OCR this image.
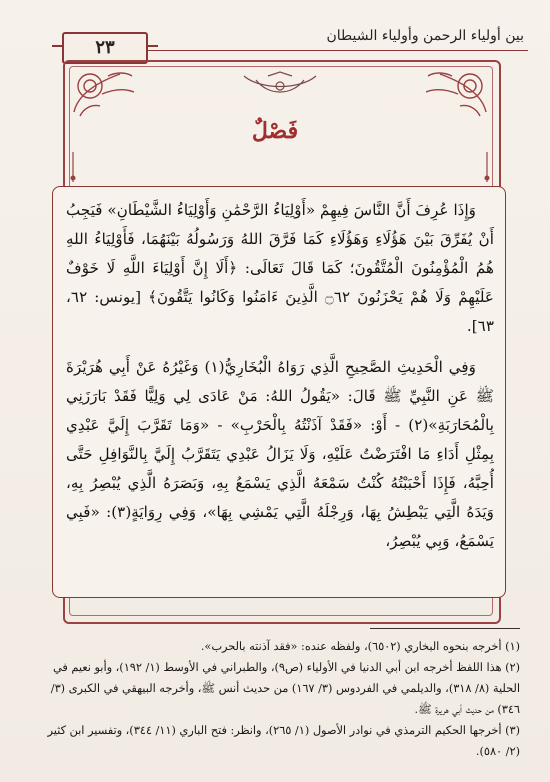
بين أولياء الرحمن وأولياء الشيطان
٢٣
فَصْلٌ

وَإِذَا عُرِفَ أَنَّ النَّاسَ فِيهِمْ «أَوْلِيَاءُ الرَّحْمَٰنِ وَأَوْلِيَاءُ الشَّيْطَانِ» فَيَجِبُ أَنْ يُفَرِّقَ بَيْنَ هَؤُلَاءِ وَهَؤُلَاءِ كَمَا فَرَّقَ اللهُ وَرَسُولُهُ بَيْنَهُمَا، فَأَوْلِيَاءُ اللهِ هُمُ الْمُؤْمِنُونَ الْمُتَّقُونَ؛ كَمَا قَالَ تَعَالَى: ﴿أَلَا إِنَّ أَوْلِيَاءَ اللَّهِ لَا خَوْفٌ عَلَيْهِمْ وَلَا هُمْ يَحْزَنُونَ ۝٦٢ الَّذِينَ ءَامَنُوا وَكَانُوا يَتَّقُونَ﴾ [يونس: ٦٢، ٦٣].

وَفِي الْحَدِيثِ الصَّحِيحِ الَّذِي رَوَاهُ الْبُخَارِيُّ(١) وَغَيْرُهُ عَنْ أَبِي هُرَيْرَةَ ﷺ عَنِ النَّبِيِّ ﷺ قَالَ: «يَقُولُ اللهُ: مَنْ عَادَى لِي وَلِيًّا فَقَدْ بَارَزَنِي بِالْمُحَارَبَةِ»(٢) - أَوْ: «فَقَدْ آذَنْتُهُ بِالْحَرْبِ» - «وَمَا تَقَرَّبَ إِلَيَّ عَبْدِي بِمِثْلِ أَدَاءِ مَا افْتَرَضْتُ عَلَيْهِ، وَلَا يَزَالُ عَبْدِي يَتَقَرَّبُ إِلَيَّ بِالنَّوَافِلِ حَتَّى أُحِبَّهُ، فَإِذَا أَحْبَبْتُهُ كُنْتُ سَمْعَهُ الَّذِي يَسْمَعُ بِهِ، وَبَصَرَهُ الَّذِي يُبْصِرُ بِهِ، وَيَدَهُ الَّتِي يَبْطِشُ بِهَا، وَرِجْلَهُ الَّتِي يَمْشِي بِهَا»، وَفِي رِوَايَةٍ(٣): «فَبِي يَسْمَعُ، وَبِي يُبْصِرُ،

(١) أخرجه بنحوه البخاري (٦٥٠٢)، ولفظه عنده: «فقد آذنته بالحرب».
(٢) هذا اللفظ أخرجه ابن أبي الدنيا في الأولياء (ص٩)، والطبراني في الأوسط (١/ ١٩٢)، وأبو نعيم في الحلية (٨/ ٣١٨)، والديلمي في الفردوس (٣/ ١٦٧) من حديث أنس ﷺ، وأخرجه البيهقي في الكبرى (٣/ ٣٤٦) من حديث أبي هريرة ﷺ.
(٣) أخرجها الحكيم الترمذي في نوادر الأصول (١/ ٢٦٥)، وانظر: فتح الباري (١١/ ٣٤٤)، وتفسير ابن كثير (٢/ ٥٨٠).
